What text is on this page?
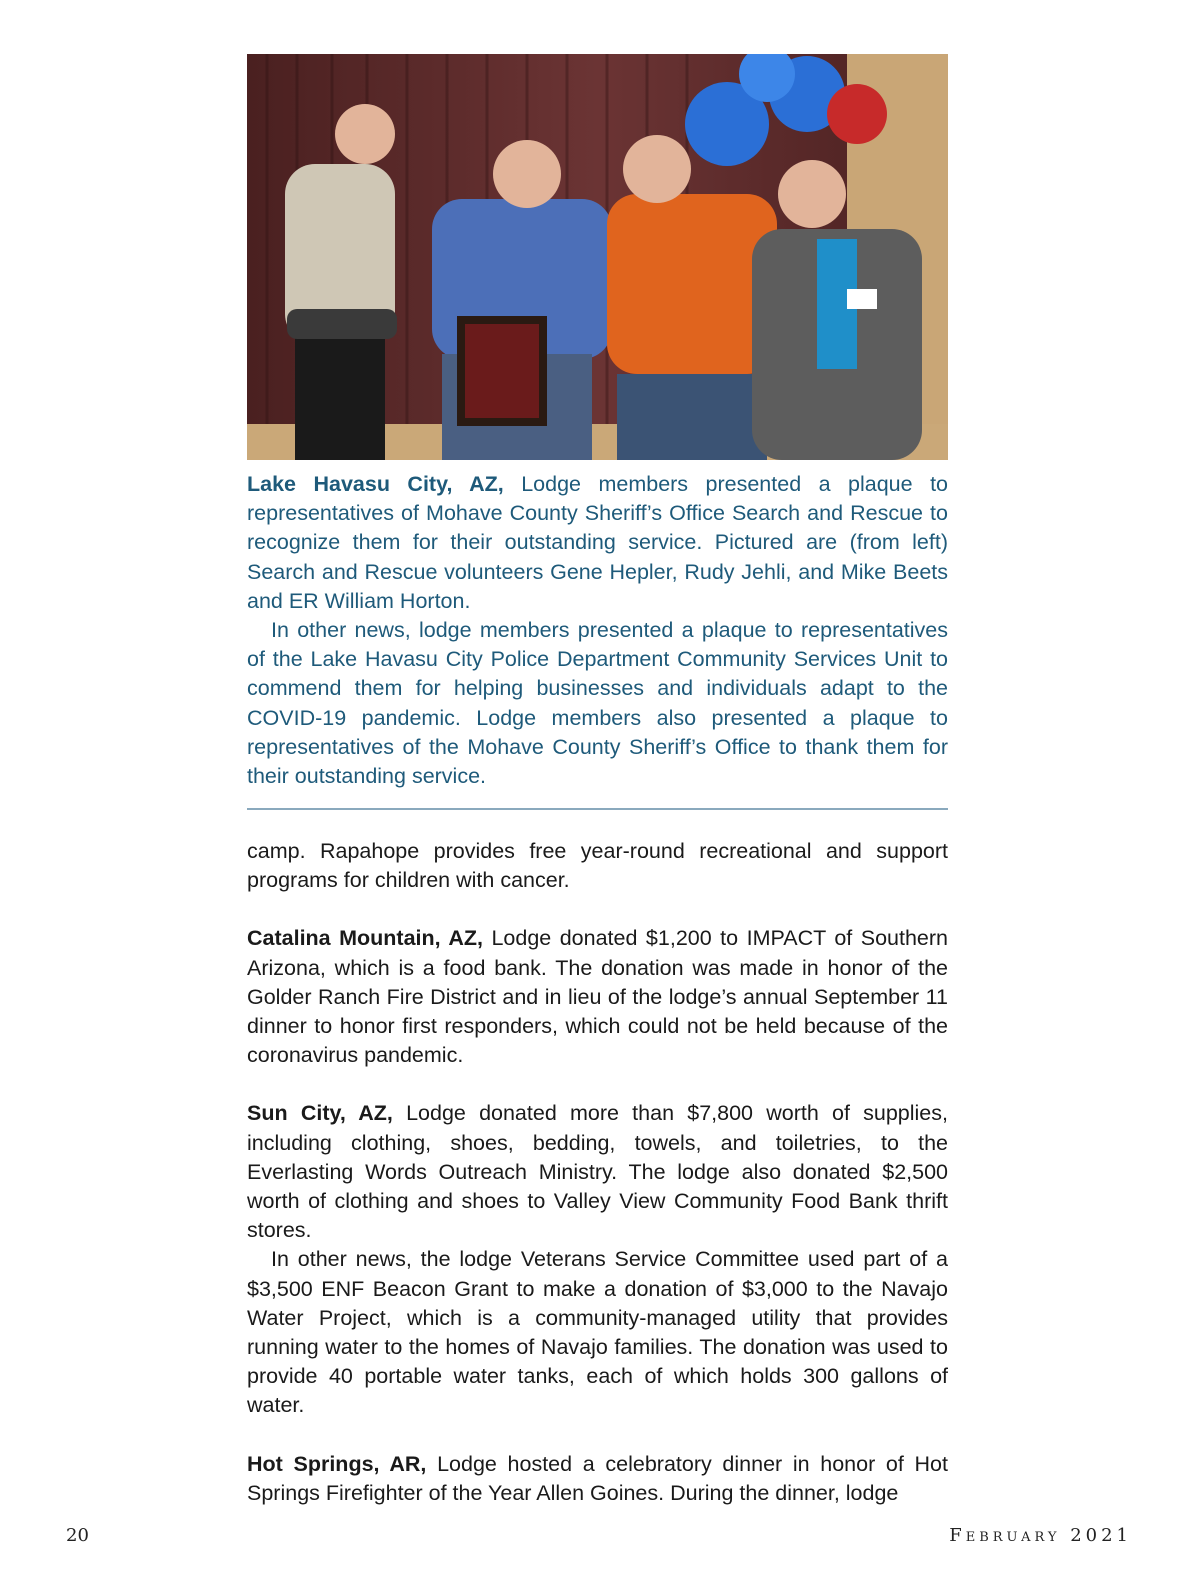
Lake Havasu City, AZ, Lodge members presented a plaque to representatives of Mohave County Sheriff’s Office Search and Rescue to recognize them for their outstanding service. Pictured are (from left) Search and Rescue volunteers Gene Hepler, Rudy Jehli, and Mike Beets and ER William Horton.

In other news, lodge members presented a plaque to representatives of the Lake Havasu City Police Department Community Services Unit to commend them for helping businesses and individuals adapt to the COVID-19 pandemic. Lodge members also presented a plaque to representatives of the Mohave County Sheriff’s Office to thank them for their outstanding service.

camp. Rapahope provides free year-round recreational and support programs for children with cancer.

Catalina Mountain, AZ, Lodge donated $1,200 to IMPACT of Southern Arizona, which is a food bank. The donation was made in honor of the Golder Ranch Fire District and in lieu of the lodge’s annual September 11 dinner to honor first responders, which could not be held because of the coronavirus pandemic.

Sun City, AZ, Lodge donated more than $7,800 worth of supplies, including clothing, shoes, bedding, towels, and toiletries, to the Everlasting Words Outreach Ministry. The lodge also donated $2,500 worth of clothing and shoes to Valley View Community Food Bank thrift stores.

In other news, the lodge Veterans Service Committee used part of a $3,500 ENF Beacon Grant to make a donation of $3,000 to the Navajo Water Project, which is a community-managed utility that provides running water to the homes of Navajo families. The donation was used to provide 40 portable water tanks, each of which holds 300 gallons of water.

Hot Springs, AR, Lodge hosted a celebratory dinner in honor of Hot Springs Firefighter of the Year Allen Goines. During the dinner, lodge

20	February 2021
